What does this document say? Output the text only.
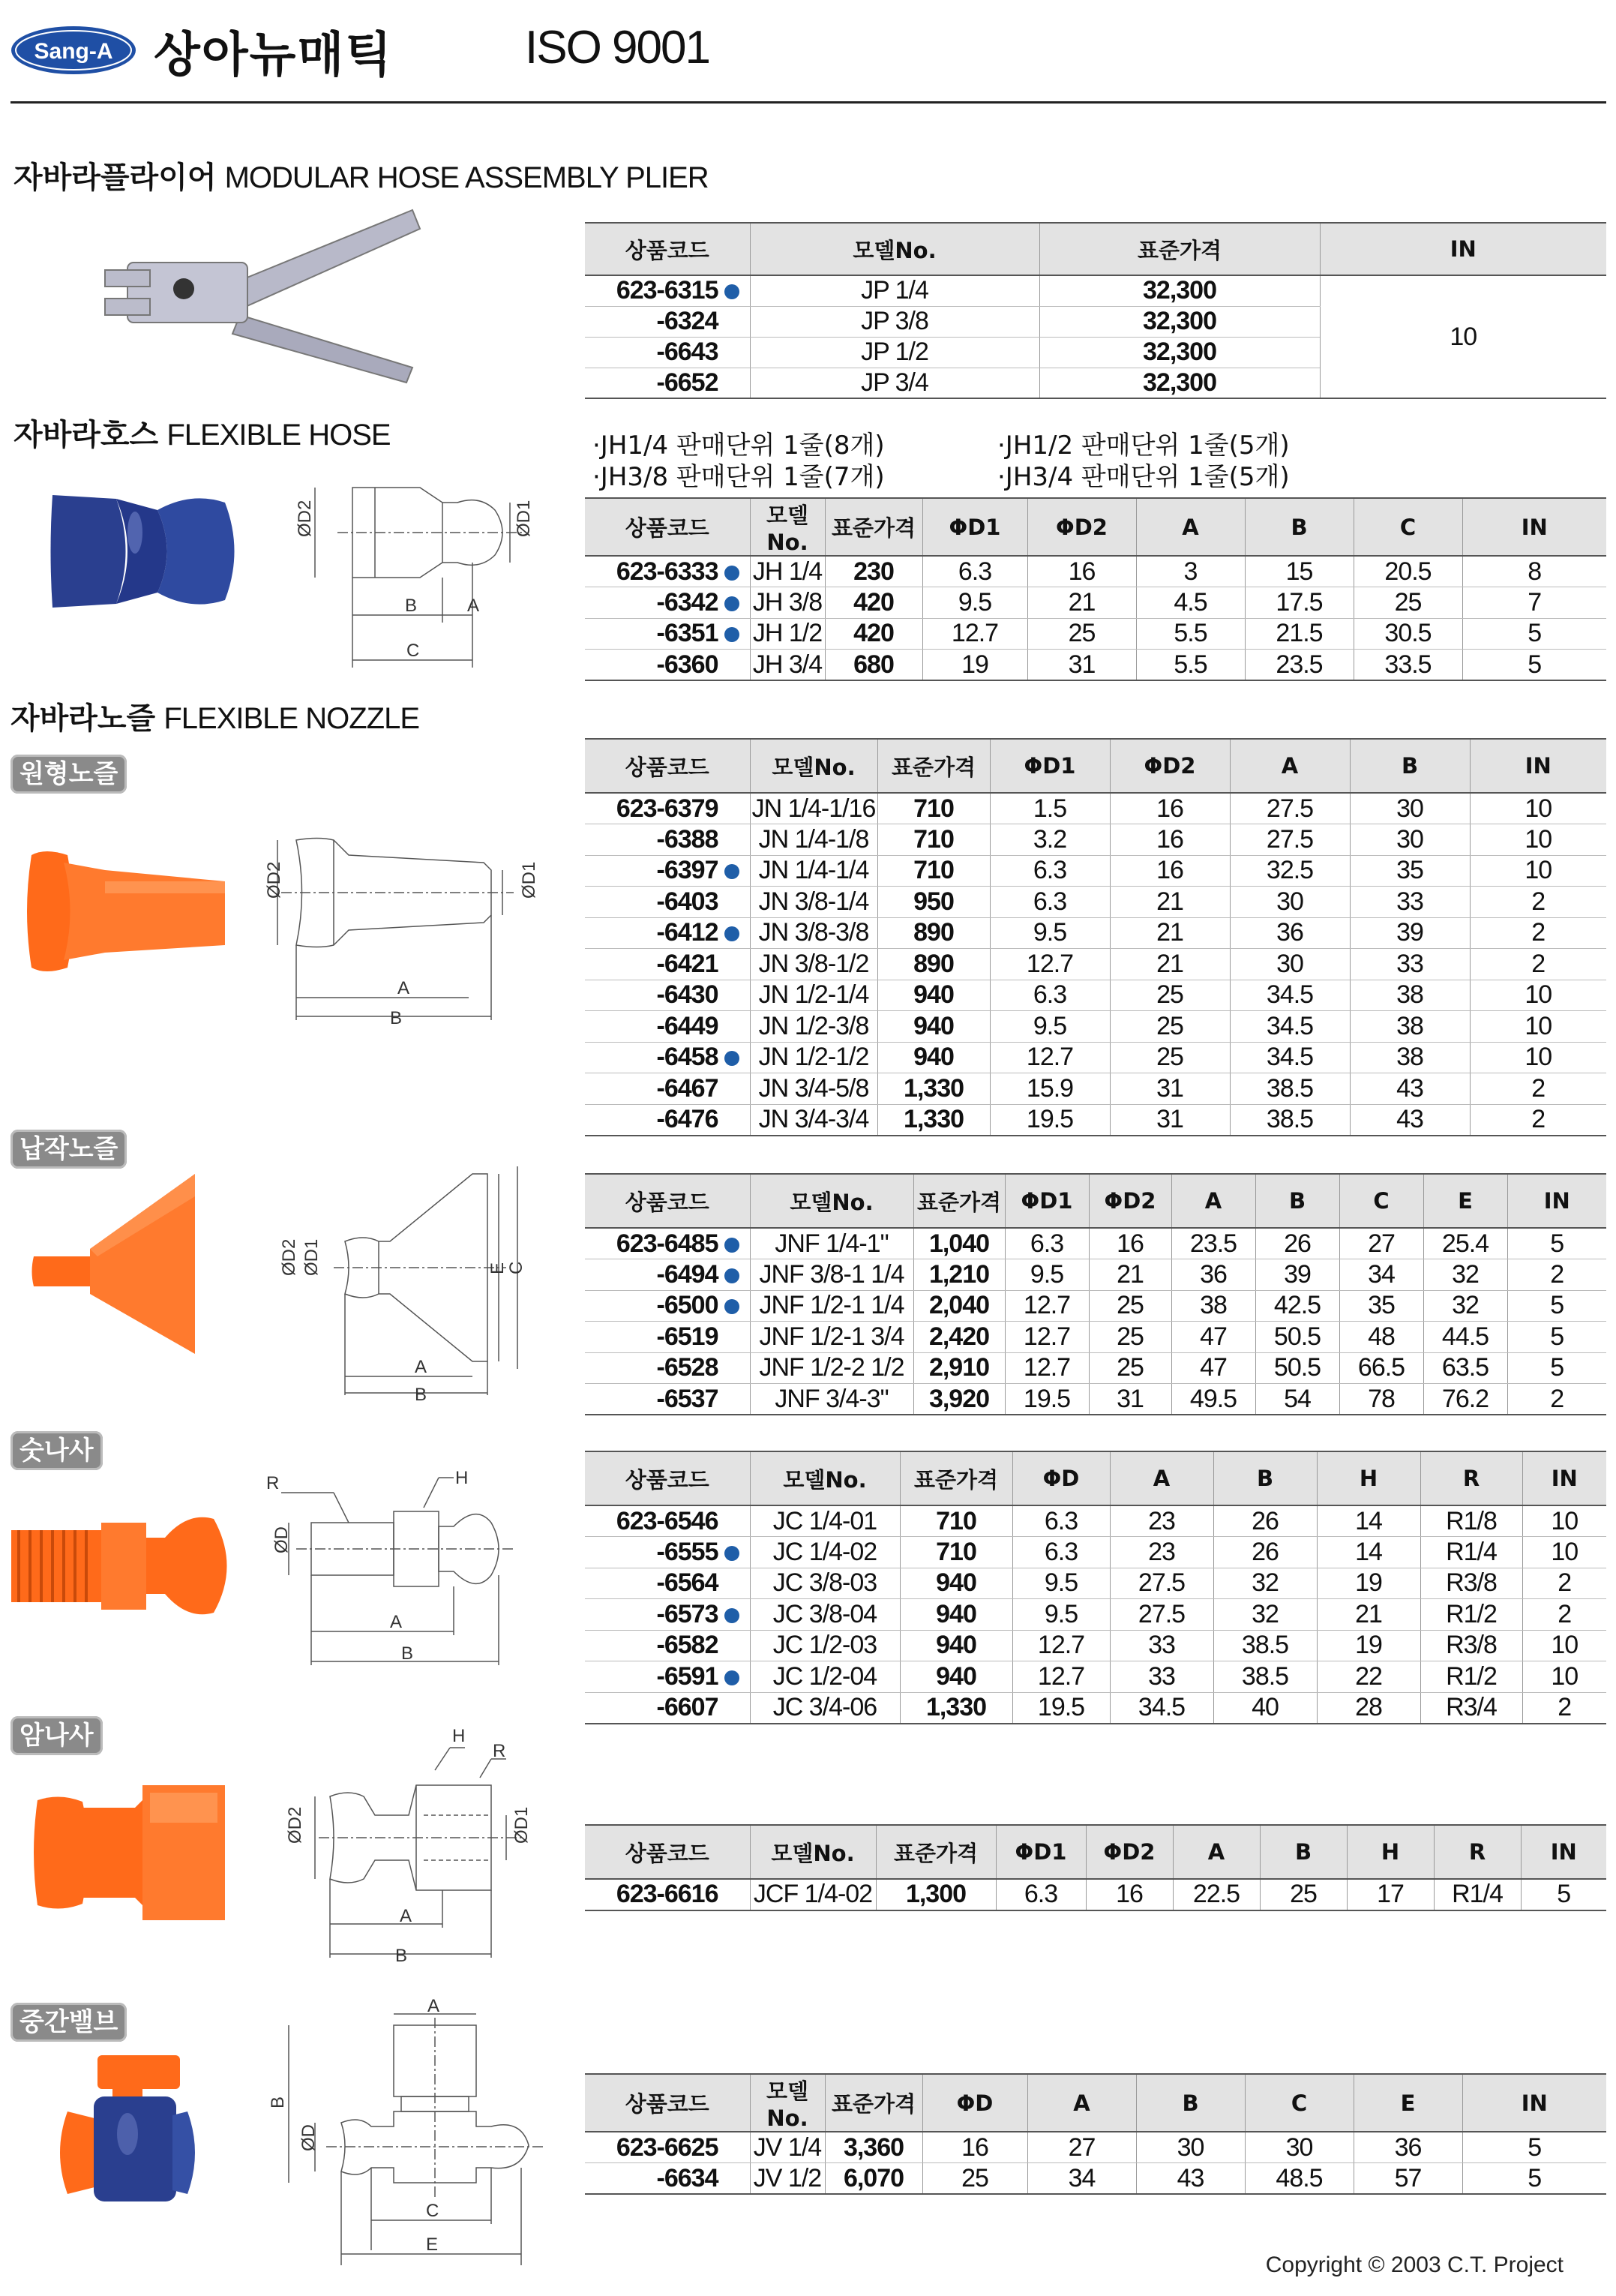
Sang-A 상아뉴매틱	ISO 9001
자바라플라이어 MODULAR HOSE ASSEMBLY PLIER
상품코드	모델No.	표준가격	IN
623-6315	JP 1/4	32,300	10
-6324	JP 3/8	32,300	
-6643	JP 1/2	32,300	
-6652	JP 3/4	32,300	
자바라호스 FLEXIBLE HOSE	·JH1/4 판매단위 1줄(8개)	·JH1/2 판매단위 1줄(5개)
·JH3/8 판매단위 1줄(7개)	·JH3/4 판매단위 1줄(5개)
ØD2	ØD1
B	A
C
상품코드	모델No.	표준가격	ΦD1	ΦD2	A	B	C	IN
623-6333	JH 1/4	230	6.3	16	3	15	20.5	8
-6342	JH 3/8	420	9.5	21	4.5	17.5	25	7
-6351	JH 1/2	420	12.7	25	5.5	21.5	30.5	5
-6360	JH 3/4	680	19	31	5.5	23.5	33.5	5
자바라노즐 FLEXIBLE NOZZLE
원형노즐
ØD2	ØD1
A
B
상품코드	모델No.	표준가격	ΦD1	ΦD2	A	B	IN
623-6379	JN 1/4-1/16	710	1.5	16	27.5	30	10
-6388	JN 1/4-1/8	710	3.2	16	27.5	30	10
-6397	JN 1/4-1/4	710	6.3	16	32.5	35	10
-6403	JN 3/8-1/4	950	6.3	21	30	33	2
-6412	JN 3/8-3/8	890	9.5	21	36	39	2
-6421	JN 3/8-1/2	890	12.7	21	30	33	2
-6430	JN 1/2-1/4	940	6.3	25	34.5	38	10
-6449	JN 1/2-3/8	940	9.5	25	34.5	38	10
-6458	JN 1/2-1/2	940	12.7	25	34.5	38	10
-6467	JN 3/4-5/8	1,330	15.9	31	38.5	43	2
-6476	JN 3/4-3/4	1,330	19.5	31	38.5	43	2
납작노즐
ØD2 ØD1
A
B
E
C
상품코드	모델No.	표준가격	ΦD1	ΦD2	A	B	C	E	IN
623-6485	JNF 1/4-1"	1,040	6.3	16	23.5	26	27	25.4	5
-6494	JNF 3/8-1 1/4	1,210	9.5	21	36	39	34	32	2
-6500	JNF 1/2-1 1/4	2,040	12.7	25	38	42.5	35	32	5
-6519	JNF 1/2-1 3/4	2,420	12.7	25	47	50.5	48	44.5	5
-6528	JNF 1/2-2 1/2	2,910	12.7	25	47	50.5	66.5	63.5	5
-6537	JNF 3/4-3"	3,920	19.5	31	49.5	54	78	76.2	2
숫나사
R	H
ØD
A
B
상품코드	모델No.	표준가격	ΦD	A	B	H	R	IN
623-6546	JC 1/4-01	710	6.3	23	26	14	R1/8	10
-6555	JC 1/4-02	710	6.3	23	26	14	R1/4	10
-6564	JC 3/8-03	940	9.5	27.5	32	19	R3/8	2
-6573	JC 3/8-04	940	9.5	27.5	32	21	R1/2	2
-6582	JC 1/2-03	940	12.7	33	38.5	19	R3/8	10
-6591	JC 1/2-04	940	12.7	33	38.5	22	R1/2	10
-6607	JC 3/4-06	1,330	19.5	34.5	40	28	R3/4	2
암나사	H
R
ØD2	ØD1
A
B
상품코드	모델No.	표준가격	ΦD1	ΦD2	A	B	H	R	IN
623-6616	JCF 1/4-02	1,300	6.3	16	22.5	25	17	R1/4	5
중간밸브
A
B
ØD
C
E
상품코드	모델No.	표준가격	ΦD	A	B	C	E	IN
623-6625	JV 1/4	3,360	16	27	30	30	36	5
-6634	JV 1/2	6,070	25	34	43	48.5	57	5
Copyright © 2003 C.T. Project
